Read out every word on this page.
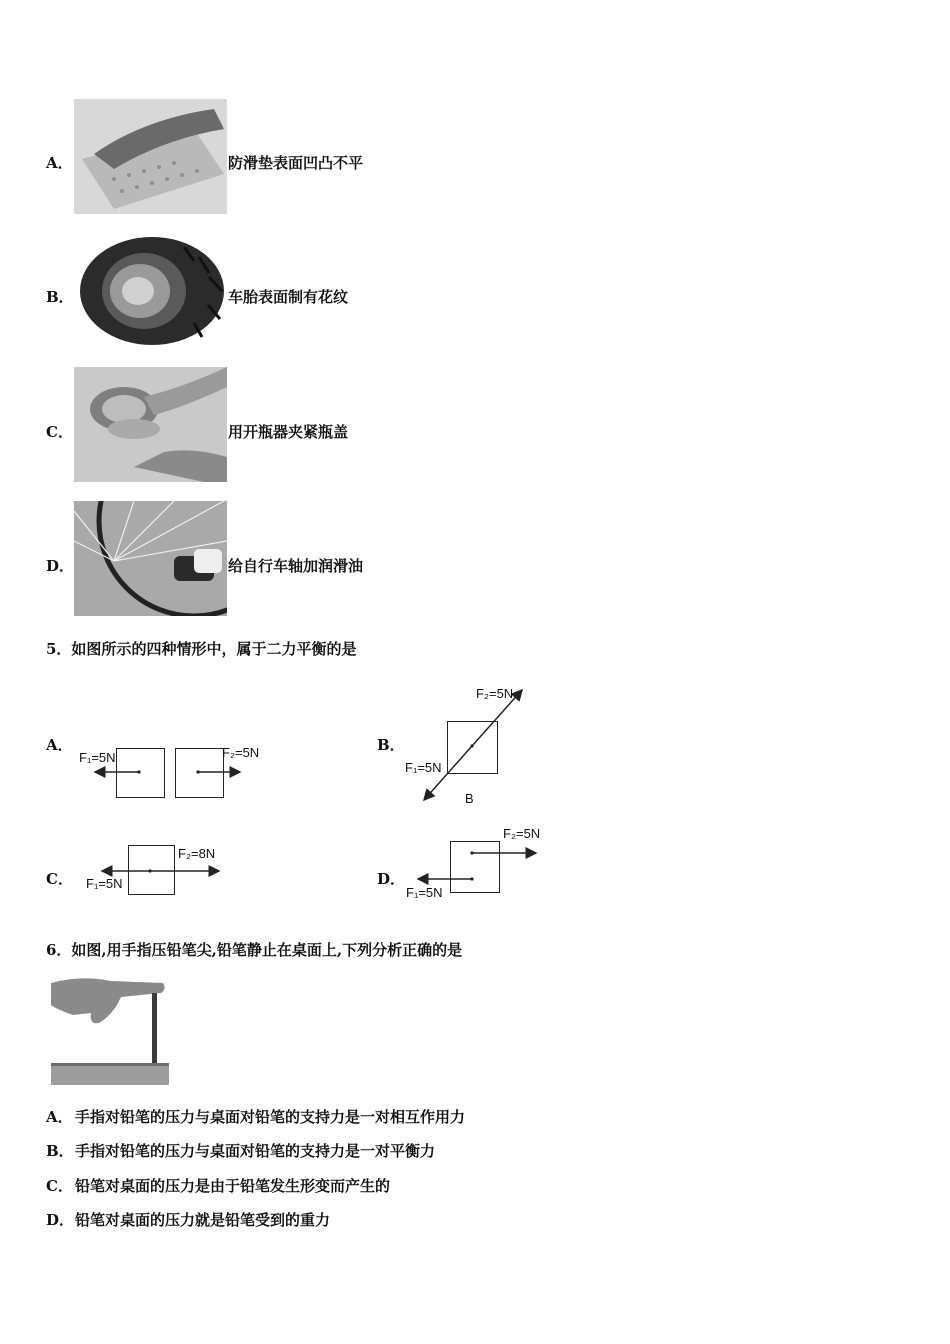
A．	防滑垫表面凹凸不平
B．	车胎表面制有花纹
C．	用开瓶器夹紧瓶盖
D．	给自行车轴加润滑油
5．如图所示的四种情形中，属于二力平衡的是
A．
F₁=5N	F₂=5N	B．
F₂=5N
F₁=5N
B
C．
F₂=8N
F₁=5N	D．
F₂=5N
F₁=5N
6．如图,用手指压铅笔尖,铅笔静止在桌面上,下列分析正确的是
A． 手指对铅笔的压力与桌面对铅笔的支持力是一对相互作用力
B． 手指对铅笔的压力与桌面对铅笔的支持力是一对平衡力
C． 铅笔对桌面的压力是由于铅笔发生形变而产生的
D． 铅笔对桌面的压力就是铅笔受到的重力
